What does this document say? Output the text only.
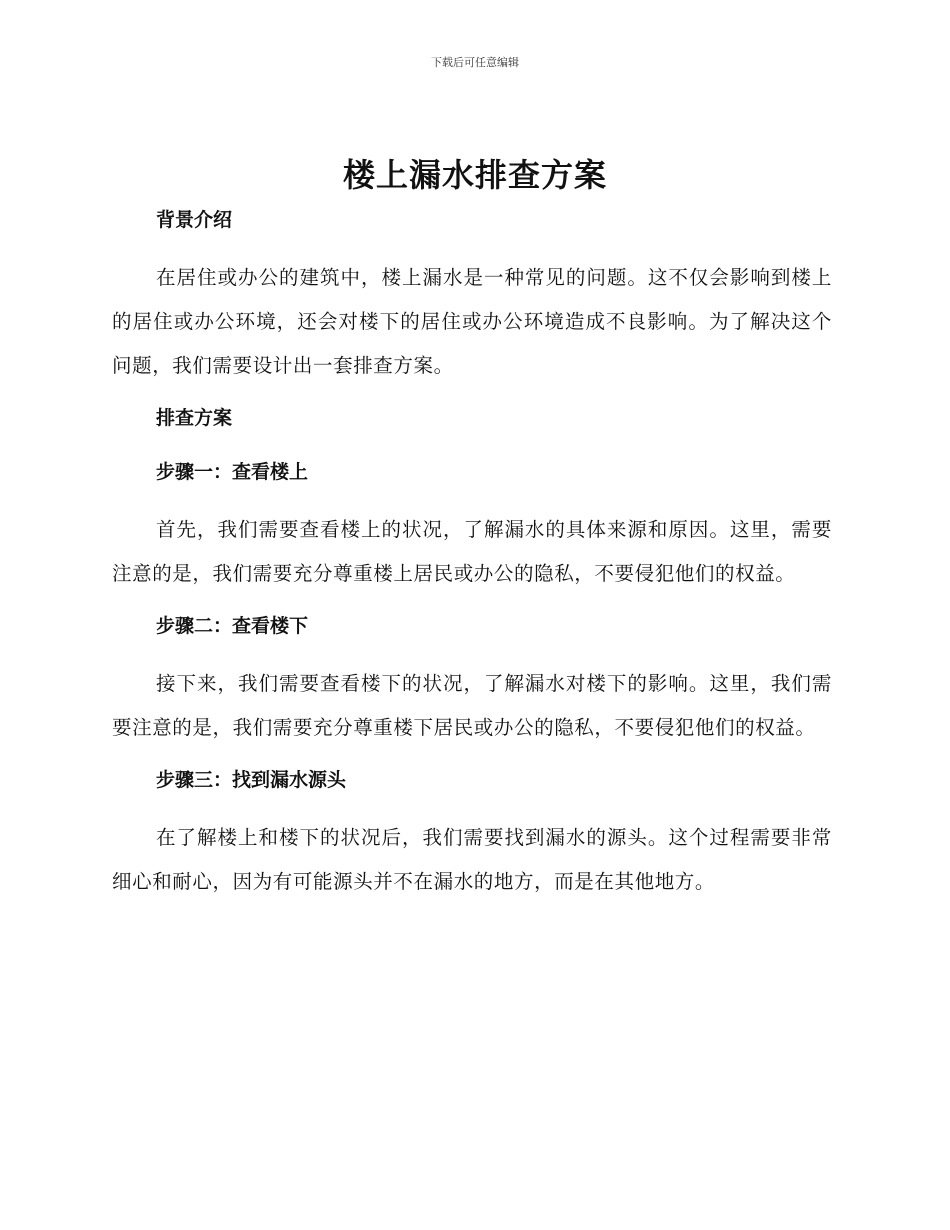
下载后可任意编辑
楼上漏水排查方案
背景介绍

在居住或办公的建筑中，楼上漏水是一种常见的问题。这不仅会影响到楼上的居住或办公环境，还会对楼下的居住或办公环境造成不良影响。为了解决这个问题，我们需要设计出一套排查方案。

排查方案
步骤一：查看楼上

首先，我们需要查看楼上的状况，了解漏水的具体来源和原因。这里，需要注意的是，我们需要充分尊重楼上居民或办公的隐私，不要侵犯他们的权益。

步骤二：查看楼下

接下来，我们需要查看楼下的状况，了解漏水对楼下的影响。这里，我们需要注意的是，我们需要充分尊重楼下居民或办公的隐私，不要侵犯他们的权益。

步骤三：找到漏水源头

在了解楼上和楼下的状况后，我们需要找到漏水的源头。这个过程需要非常细心和耐心，因为有可能源头并不在漏水的地方，而是在其他地方。
